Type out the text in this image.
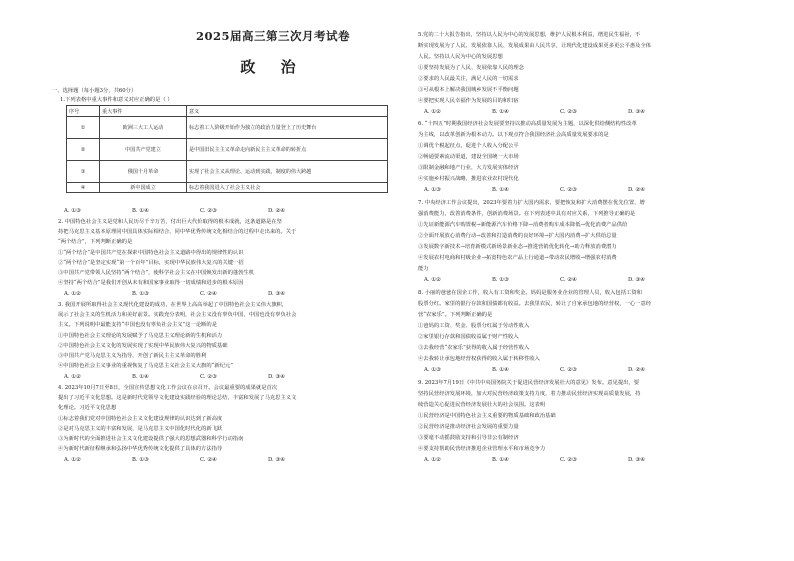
2025届高三第三次月考试卷
政 治
一、选择题（每小题3分，共60分）
1.下列表格中重大事件和意义对应正确的是（ ）
序号	重大事件	意义
①	欧洲三大工人运动	标志着工人阶级开始作为独立的政治力量登上了历史舞台
②	中国共产党建立	是中国旧民主主义革命走向新民主主义革命的转折点
③	俄国十月革命	实现了社会主义从理论、运动到实践，制度的伟大跨越
④	新中国成立	标志着我国进入了社会主义社会
A. ①③	B. ①④	C. ②③	D. ②④
2. 中国特色社会主义是党和人民历尽千辛万苦，付出巨大代价取得的根本成就，这条道路是在坚
持把马克思主义基本原理同中国具体实际相结合、同中华优秀传统文化相结合的过程中走出来的。关于
“两个结合”，下列判断正确的是
①“两个结合”是中国共产党在探索中国特色社会主义道路中得出的规律性的认识
②“两个结合”是坚定实现“第一个百年”目标，实现中华民族伟大复兴的关键一招
③中国共产党带领人民坚持“两个结合”，使科学社会主义在中国焕发出新的蓬勃生机
④坚持“两个结合”是我们开创从未有和国家事业取得一切成绩和进步的根本原因
A. ①②	B. ①③	C. ②④	D. ③④
3. 我国开展所取得社会主义现代化建设的成功，在世界上高高举起了中国特色社会主义伟大旗帜，
展示了社会主义的生机活力和美好前景。实践充分表明，社会主义没有辜负中国，中国也没有辜负社会
主义。下列说明中最能支持“中国也没有辜负社会主义”这一论断的是
①中国特色社会主义理论的发展赋予了马克思主义理论新的生机和活力
②中国特色社会主义文化的发展实现了实现中华民族伟大复兴的物质基础
③中国共产党马克思主义为指导，开创了新民主主义革命的胜利
④中国特色社会主义事业的重视恢复了马克思主义社会主义大旗的“新纪元”
A. ①②	B. ①④	C. ②③	D. ③④
4. 2023年10月7日至8日，全国宣传思想文化工作会议在京召开。会议最重要的成果就是首次
提出了习近平文化思想。这是新时代党领导文化建设实践经验的理论总结，丰富和发展了马克思主义文
化理论。习近平文化思想
①标志着我们党对中国特色社会主义文化建设规律的认识达到了新高度
②是对马克思主义的丰富和发展，是马克思主义中国化时代化的新飞跃
③为新时代的全面推进社会主义文化建设提供了强大的思想武器和科学行动指南
④为新时代新征程继承和弘扬中华优秀传统文化提供了具体的方法指导
A. ①②	B. ①③	C. ②④	D. ③④
5.党的二十大报告指出，坚持以人民为中心的发展思想，维护人民根本利益，增进民生福祉，不
断实现发展为了人民、发展依靠人民、发展成果由人民共享，让现代化建设成果更多更公平惠及全体
人民。坚持以人民为中心的发展思想
①要坚持发展为了人民、发展依靠人民的理念
②要求的人民最关注，满足人民的一切需求
③可从根本上解决我国城乡发展不平衡问题
④要把实现人民幸福作为发展的目的和归宿
A. ①②	B. ①④	C. ②③	D. ③④
6. “十四五”时期我国经济社会发展要坚持以推动高质量发展为主题，以深化供给侧结构性改革
为主线，以改革创新为根本动力。以下观点符合我国经济社会高质量发展要求的是
①调优个税起征点，促进个人收入分配公平
②畅通要素流动渠道，建设全国统一大市场
③限制金融和地产行业，大力发展实体经济
④实施乡村振兴战略，推进农业农村现代化
A. ①③	B. ①④	C. ②③	D. ②④
7. 中央经济工作会议提出，2023年要着力扩大国内需求，要把恢复和扩大消费摆在优先位置，增
强消费能力，改善消费条件，创新消费场景。在下列表述中具有对应关系，下列推导正确的是
①先证新能源汽车购置税→新能源汽车价格下降→消费者购车成本降低→优化消费产品供给
②全面开展放心消费行动→改善和打造消费的良好环境→扩大国内消费→扩大供给总量
③发展数字新技术→培育新模式新场景新业态→推进营销优化转化→助力释放消费潜力
④发展农村电商和村级企业→拓宽特色农产品上行通道→带动农民增收→增强农村消费
能力
A. ①②	B. ①③	C. ②④	D. ③④
8. 小丽的爸爸在国企工作，收入有工资和奖金。妈妈是服务业企业的管理人员，收入包括工资和
股票分红。家里的银行存款和国债都有收益。去我里农民，转让了自家承包地的经营权，一心一意经
营“农家乐”。下列判断正确的是
①爸妈的工资、奖金、股票分红属于劳动性收入
②家里银行存款和国债收益属于财产性收入
③去我经营“农家乐”获得的收入属于经营性收入
④去我转让承包地经营权获得的收入属于转移性收入
A. ①③	B. ①④	C. ②③	D. ②④
9. 2023年7月19日《中共中央国务院关于促进民营经济发展壮大的意见》发布。意见提出，要
坚持民营经济发展环境，加大对民营经济政策支持力度，着力推动民营经济实现高质量发展，持
续营造关心促进民营经济发展壮大的社会氛围。这表明
①民营经济是中国特色社会主义重要的物质基础和政治基础
②民营经济是推动经济社会发展的重要力量
③要毫不动摇鼓励支持和引导非公有制经济
④要支持帮助民营经济推进企业管理水平和市场竞争力
A. ①②	B. ①④	C. ②③	D. ③④
